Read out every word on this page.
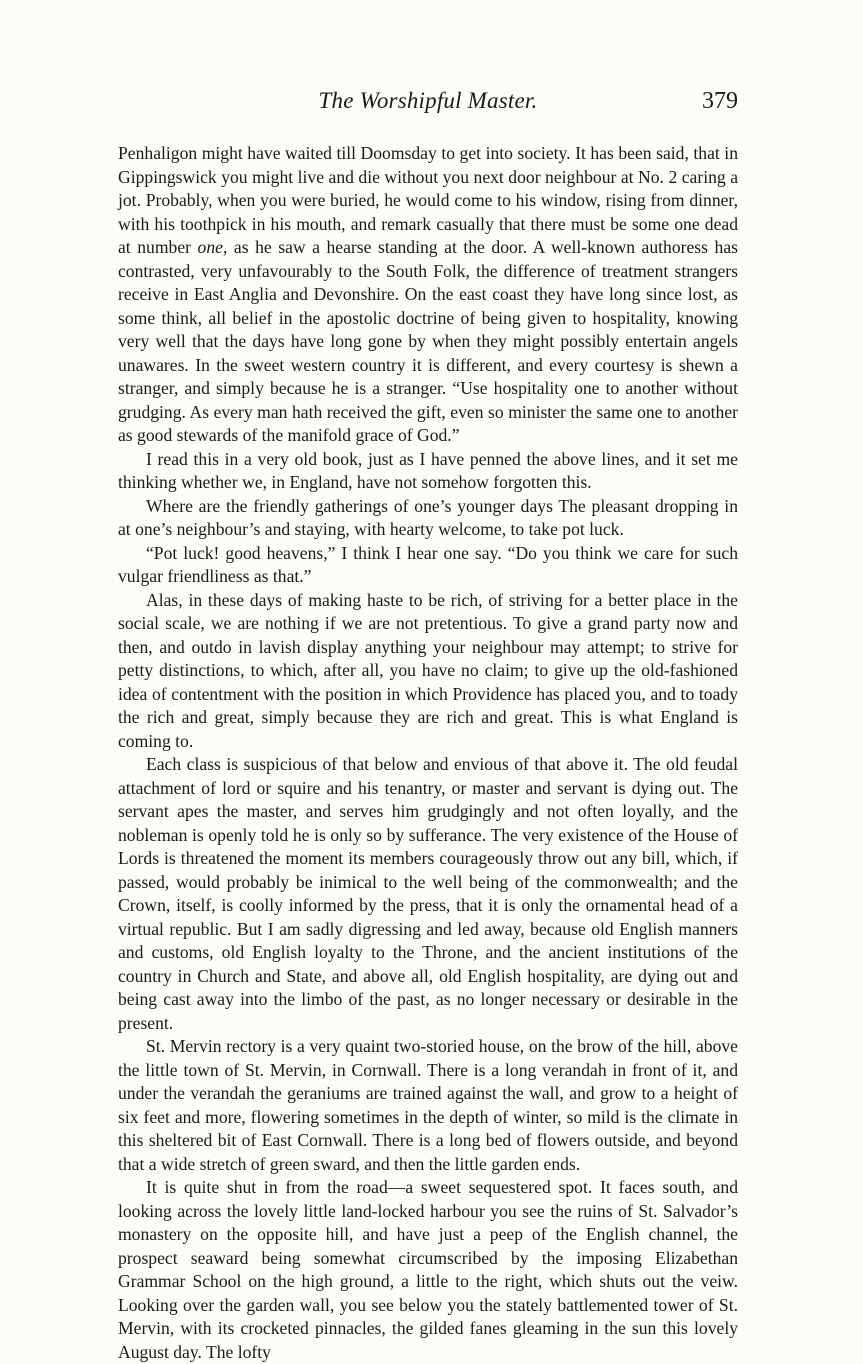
The Worshipful Master.	379

Penhaligon might have waited till Doomsday to get into society. It has been said, that in Gippingswick you might live and die without you next door neighbour at No. 2 caring a jot. Probably, when you were buried, he would come to his window, rising from dinner, with his toothpick in his mouth, and remark casually that there must be some one dead at number one, as he saw a hearse standing at the door. A well-known authoress has contrasted, very unfavourably to the South Folk, the difference of treatment strangers receive in East Anglia and Devonshire. On the east coast they have long since lost, as some think, all belief in the apostolic doctrine of being given to hospitality, knowing very well that the days have long gone by when they might possibly entertain angels unawares. In the sweet western country it is different, and every courtesy is shewn a stranger, and simply because he is a stranger. “Use hospitality one to another without grudging. As every man hath received the gift, even so minister the same one to another as good stewards of the manifold grace of God.”

I read this in a very old book, just as I have penned the above lines, and it set me thinking whether we, in England, have not somehow forgotten this.

Where are the friendly gatherings of one’s younger days The pleasant dropping in at one’s neighbour’s and staying, with hearty welcome, to take pot luck.

“Pot luck! good heavens,” I think I hear one say. “Do you think we care for such vulgar friendliness as that.”

Alas, in these days of making haste to be rich, of striving for a better place in the social scale, we are nothing if we are not pretentious. To give a grand party now and then, and outdo in lavish display anything your neighbour may attempt; to strive for petty distinctions, to which, after all, you have no claim; to give up the old-fashioned idea of contentment with the position in which Providence has placed you, and to toady the rich and great, simply because they are rich and great. This is what England is coming to.

Each class is suspicious of that below and envious of that above it. The old feudal attachment of lord or squire and his tenantry, or master and servant is dying out. The servant apes the master, and serves him grudgingly and not often loyally, and the nobleman is openly told he is only so by sufferance. The very existence of the House of Lords is threatened the moment its members courageously throw out any bill, which, if passed, would probably be inimical to the well being of the commonwealth; and the Crown, itself, is coolly informed by the press, that it is only the ornamental head of a virtual republic. But I am sadly digressing and led away, because old English manners and customs, old English loyalty to the Throne, and the ancient institutions of the country in Church and State, and above all, old English hospitality, are dying out and being cast away into the limbo of the past, as no longer necessary or desirable in the present.

St. Mervin rectory is a very quaint two-storied house, on the brow of the hill, above the little town of St. Mervin, in Cornwall. There is a long verandah in front of it, and under the verandah the geraniums are trained against the wall, and grow to a height of six feet and more, flowering sometimes in the depth of winter, so mild is the climate in this sheltered bit of East Cornwall. There is a long bed of flowers outside, and beyond that a wide stretch of green sward, and then the little garden ends.

It is quite shut in from the road—a sweet sequestered spot. It faces south, and looking across the lovely little land-locked harbour you see the ruins of St. Salvador’s monastery on the opposite hill, and have just a peep of the English channel, the prospect seaward being somewhat circumscribed by the imposing Elizabethan Grammar School on the high ground, a little to the right, which shuts out the veiw. Looking over the garden wall, you see below you the stately battlemented tower of St. Mervin, with its crocketed pinnacles, the gilded fanes gleaming in the sun this lovely August day. The lofty
